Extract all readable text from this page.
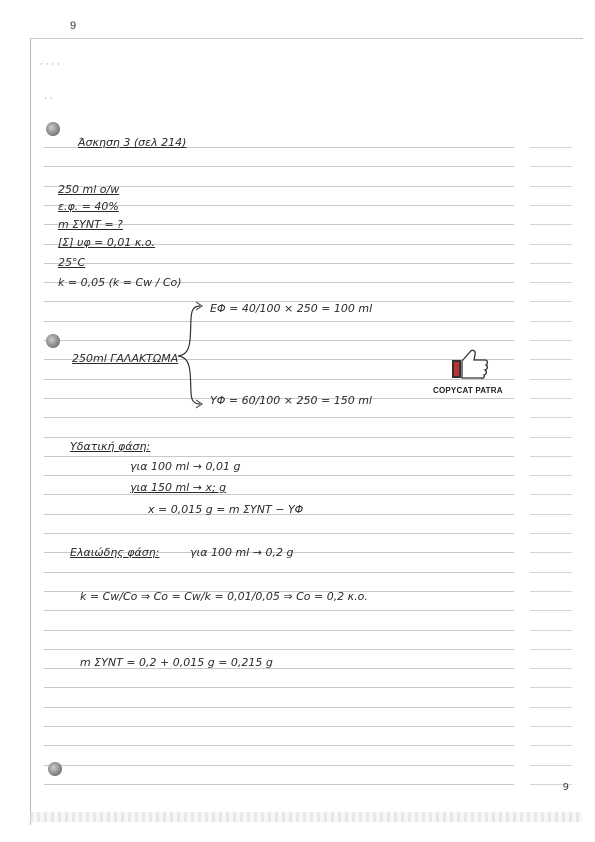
9
· · · ·
· ·
Άσκηση 3 (σελ 214)
250 ml o/w
ε.φ. = 40%
m ΣΥΝΤ = ?
[Σ] υφ = 0,01 κ.ο.
25°C
k = 0,05 (k = Cw / Co)
250ml ΓΑΛΑΚΤΩΜΑ
ΕΦ = 40/100 × 250 = 100 ml
ΥΦ = 60/100 × 250 = 150 ml
COPYCAT PATRA
Υδατική φάση:
για 100 ml → 0,01 g
για 150 ml → x; g
x = 0,015 g = m ΣΥΝΤ − ΥΦ
Ελαιώδης φάση:	για 100 ml → 0,2 g
k = Cw/Co ⇒ Co = Cw/k = 0,01/0,05 ⇒ Co = 0,2 κ.ο.
m ΣΥΝΤ = 0,2 + 0,015 g = 0,215 g
9
